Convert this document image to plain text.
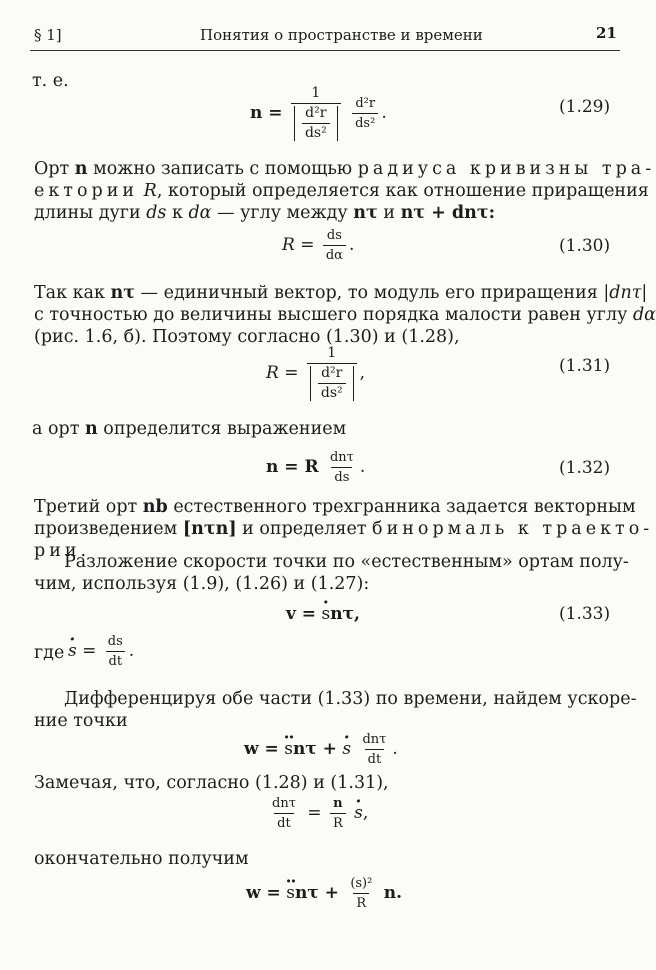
§ 1]	Понятия о пространстве и времени	21
т. е.
$n = \frac{1}{\frac{\text{d²r}}{\text{ds²}}}$
$\frac{\text{d²r}}{\text{ds²}}$ .	(1.29)
Орт n можно записать с помощью радиуса кривизны тра-
ектории R, который определяется как отношение приращения
длины дуги ds к dα — углу между nτ и nτ + dnτ:
$R = \frac{ds}{d\alpha}$ .	(1.30)
Так как nτ — единичный вектор, то модуль его приращения |dnτ|
с точностью до величины высшего порядка малости равен углу dα
(рис. 1.6, б). Поэтому согласно (1.30) и (1.28),
$R = \frac{1}{\frac{\text{d²r}}{\text{ds²}}}$ ,	(1.31)
а орт n определится выражением
n = R $\frac{\text{dnτ}}{ds}$ .	(1.32)
Третий орт nb естественного трехгранника задается векторным
произведением [nτn] и определяет бинормаль к траекто-
рии.
Разложение скорости точки по «естественным» ортам полу-
чим, используя (1.9), (1.26) и (1.27):
v = · snτ,	(1.33)
где
· $s = \frac{ds}{dt}$ .
Дифференцируя обе части (1.33) по времени, найдем ускоре-
ние точки
w = ·· snτ + · s $\frac{\text{dnτ}}{dt}$ .
Замечая, что, согласно (1.28) и (1.31),
$\frac{\text{dnτ}}{dt} = \frac{n}{R}$
· s,
окончательно получим
w = ·· $sn\tau + \frac{\text{(s)²}}{R} n$.
